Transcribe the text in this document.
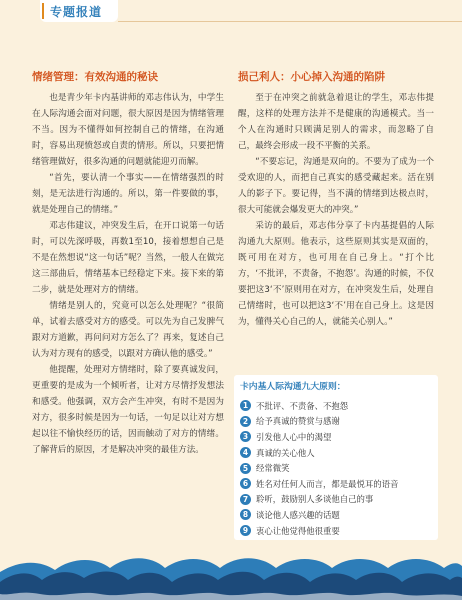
专题报道
情绪管理：有效沟通的秘诀

也是青少年卡内基讲师的邓志伟认为，中学生在人际沟通会面对问题，很大原因是因为情绪管理不当。因为不懂得如何控制自己的情绪，在沟通时，容易出现愤怒或自责的情形。所以，只要把情绪管理做好，很多沟通的问题就能迎刃而解。

“首先，要认清一个事实——在情绪强烈的时刻，是无法进行沟通的。所以，第一件要做的事，就是处理自己的情绪。”

邓志伟建议，冲突发生后，在开口说第一句话时，可以先深呼吸，再数1至10，接着想想自己是不是在然想说“这一句话”呢？当然，一般人在做完这三部曲后，情绪基本已经稳定下来。接下来的第二步，就是处理对方的情绪。

情绪是别人的，究竟可以怎么处理呢？“很简单，试着去感受对方的感受。可以先为自己发脾气跟对方道歉，再问问对方怎么了？再来，复述自己认为对方现有的感受，以跟对方确认他的感受。”

他提醒，处理对方情绪时，除了要真诚发问，更重要的是成为一个倾听者，让对方尽情抒发想法和感受。他强调，双方会产生冲突，有时不是因为对方，很多时候是因为一句话，一句足以让对方想起以往不愉快经历的话，因而触动了对方的情绪。了解背后的原因，才是解决冲突的最佳方法。

损己利人：小心掉入沟通的陷阱

至于在冲突之前就急着退让的学生，邓志伟提醒，这样的处理方法并不是健康的沟通模式。当一个人在沟通时只顾满足别人的需求，而忽略了自己，最终会形成一段不平衡的关系。

“不要忘记，沟通是双向的。不要为了成为一个受欢迎的人，而把自己真实的感受藏起来。活在别人的影子下。要记得，当不满的情绪到达极点时，很大可能就会爆发更大的冲突。”

采访的最后，邓志伟分享了卡内基提倡的人际沟通九大原则。他表示，这些原则其实是双面的，既可用在对方，也可用在自己身上。“打个比方，‘不批评，不责备，不抱怨’。沟通的时候，不仅要把这3‘不’原则用在对方，在冲突发生后，处理自己情绪时，也可以把这3‘不’用在自己身上。这是因为，懂得关心自己的人，就能关心别人。”

卡内基人际沟通九大原则：
1 不批评、不责备、不抱怨
2 给予真诚的赞赏与感谢
3 引发他人心中的渴望
4 真诚的关心他人
5 经常微笑
6 姓名对任何人而言，都是最悦耳的语音
7 聆听，鼓励别人多谈他自己的事
8 谈论他人感兴趣的话题
9 衷心让他觉得他很重要
